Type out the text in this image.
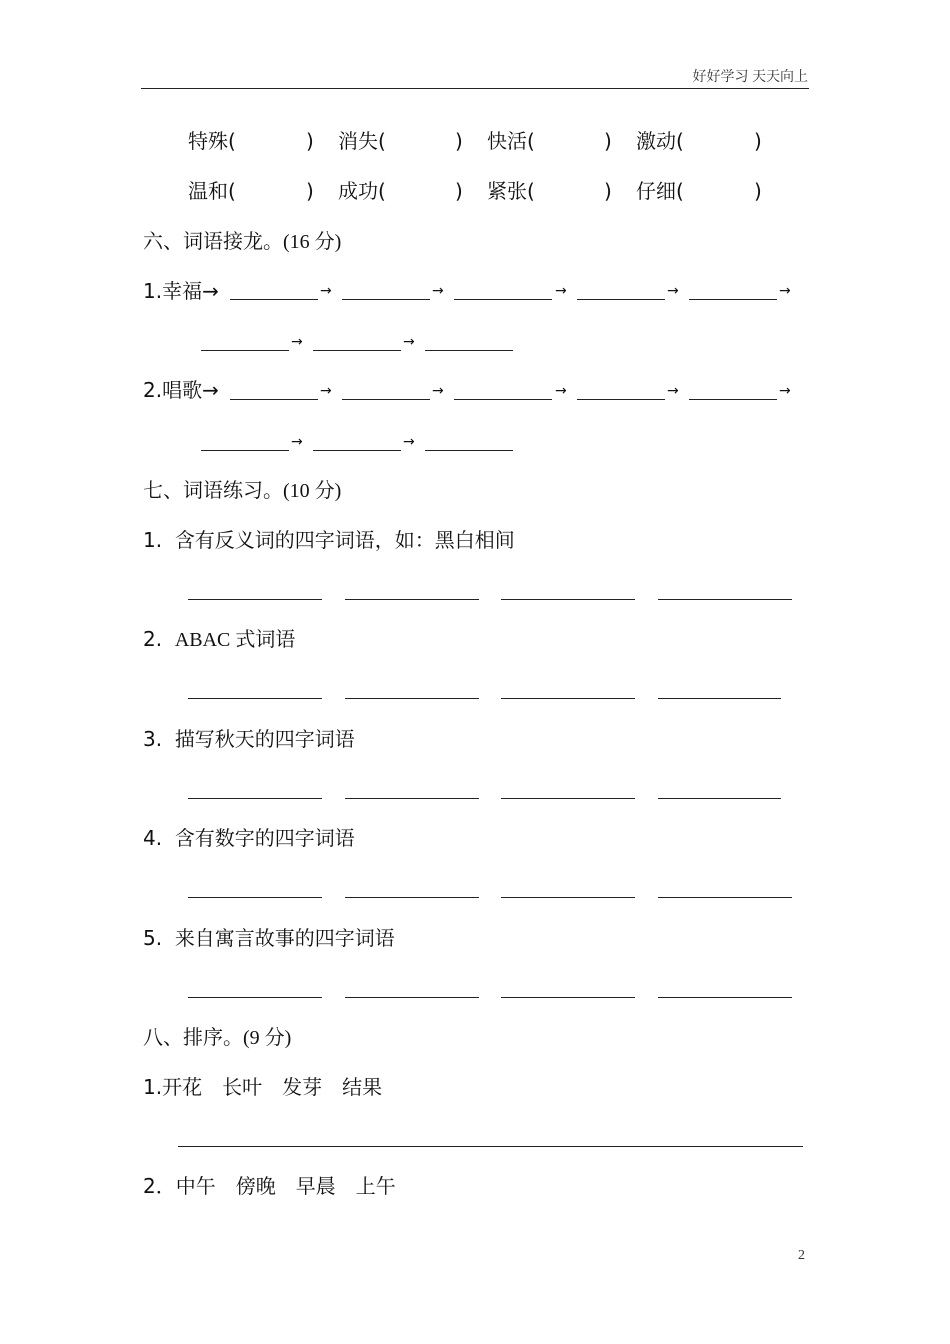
好好学习 天天向上
特殊(	) 消失(	) 快活(	) 激动(	)
温和(	) 成功(	) 紧张(	) 仔细(	)
六、词语接龙。(16 分)
1.幸福→	→	→	→	→	→
→	→
2.唱歌→	→	→	→	→	→
→	→
七、词语练习。(10 分)
1. 含有反义词的四字词语，如：黑白相间
2. ABAC 式词语
3. 描写秋天的四字词语
4. 含有数字的四字词语
5. 来自寓言故事的四字词语
八、排序。(9 分)
1.开花　长叶　发芽　结果
2．中午　傍晚　早晨　上午
2
